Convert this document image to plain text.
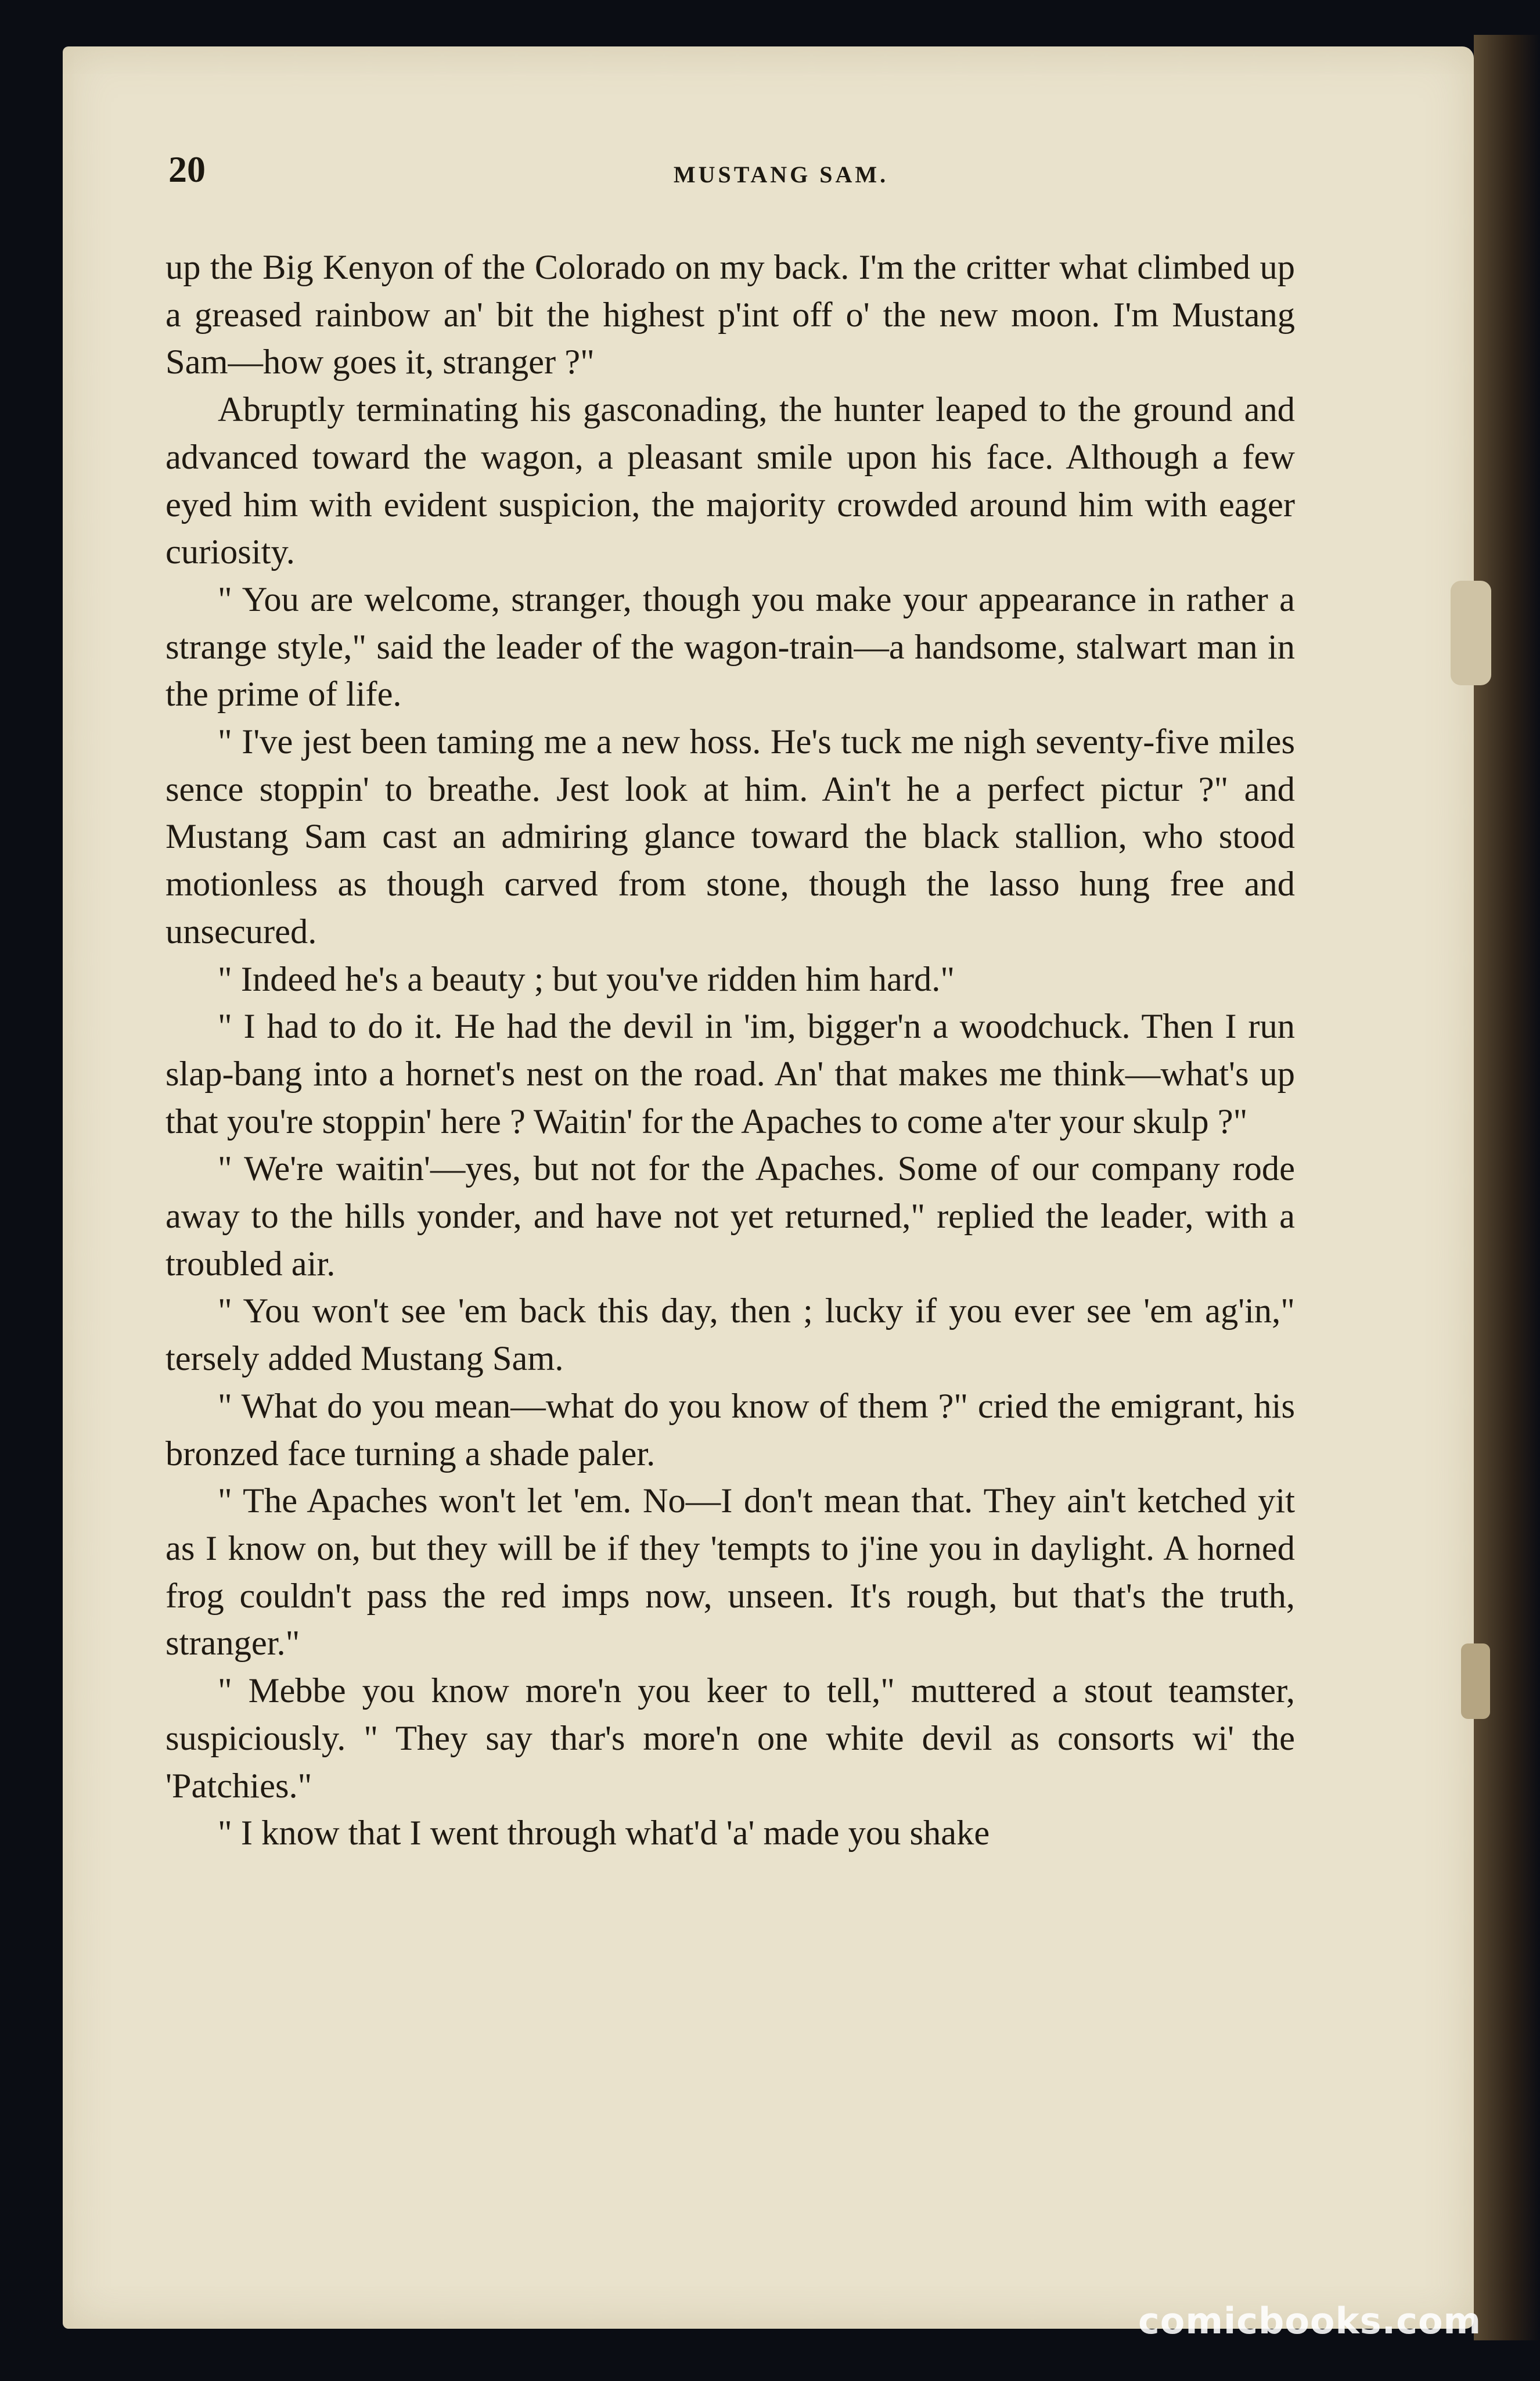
20	MUSTANG SAM.

up the Big Kenyon of the Colorado on my back. I'm the critter what climbed up a greased rainbow an' bit the highest p'int off o' the new moon. I'm Mustang Sam—how goes it, stranger ?"

Abruptly terminating his gasconading, the hunter leaped to the ground and advanced toward the wagon, a pleasant smile upon his face. Although a few eyed him with evident suspicion, the majority crowded around him with eager curiosity.

" You are welcome, stranger, though you make your appearance in rather a strange style," said the leader of the wagon-train—a handsome, stalwart man in the prime of life.

" I've jest been taming me a new hoss. He's tuck me nigh seventy-five miles sence stoppin' to breathe. Jest look at him. Ain't he a perfect pictur ?" and Mustang Sam cast an admiring glance toward the black stallion, who stood motionless as though carved from stone, though the lasso hung free and unsecured.

" Indeed he's a beauty ; but you've ridden him hard."

" I had to do it. He had the devil in 'im, bigger'n a woodchuck. Then I run slap-bang into a hornet's nest on the road. An' that makes me think—what's up that you're stoppin' here ? Waitin' for the Apaches to come a'ter your skulp ?"

" We're waitin'—yes, but not for the Apaches. Some of our company rode away to the hills yonder, and have not yet returned," replied the leader, with a troubled air.

" You won't see 'em back this day, then ; lucky if you ever see 'em ag'in," tersely added Mustang Sam.

" What do you mean—what do you know of them ?" cried the emigrant, his bronzed face turning a shade paler.

" The Apaches won't let 'em. No—I don't mean that. They ain't ketched yit as I know on, but they will be if they 'tempts to j'ine you in daylight. A horned frog couldn't pass the red imps now, unseen. It's rough, but that's the truth, stranger."

" Mebbe you know more'n you keer to tell," muttered a stout teamster, suspiciously. " They say thar's more'n one white devil as consorts wi' the 'Patchies."

" I know that I went through what'd 'a' made you shake

comicbooks.com
